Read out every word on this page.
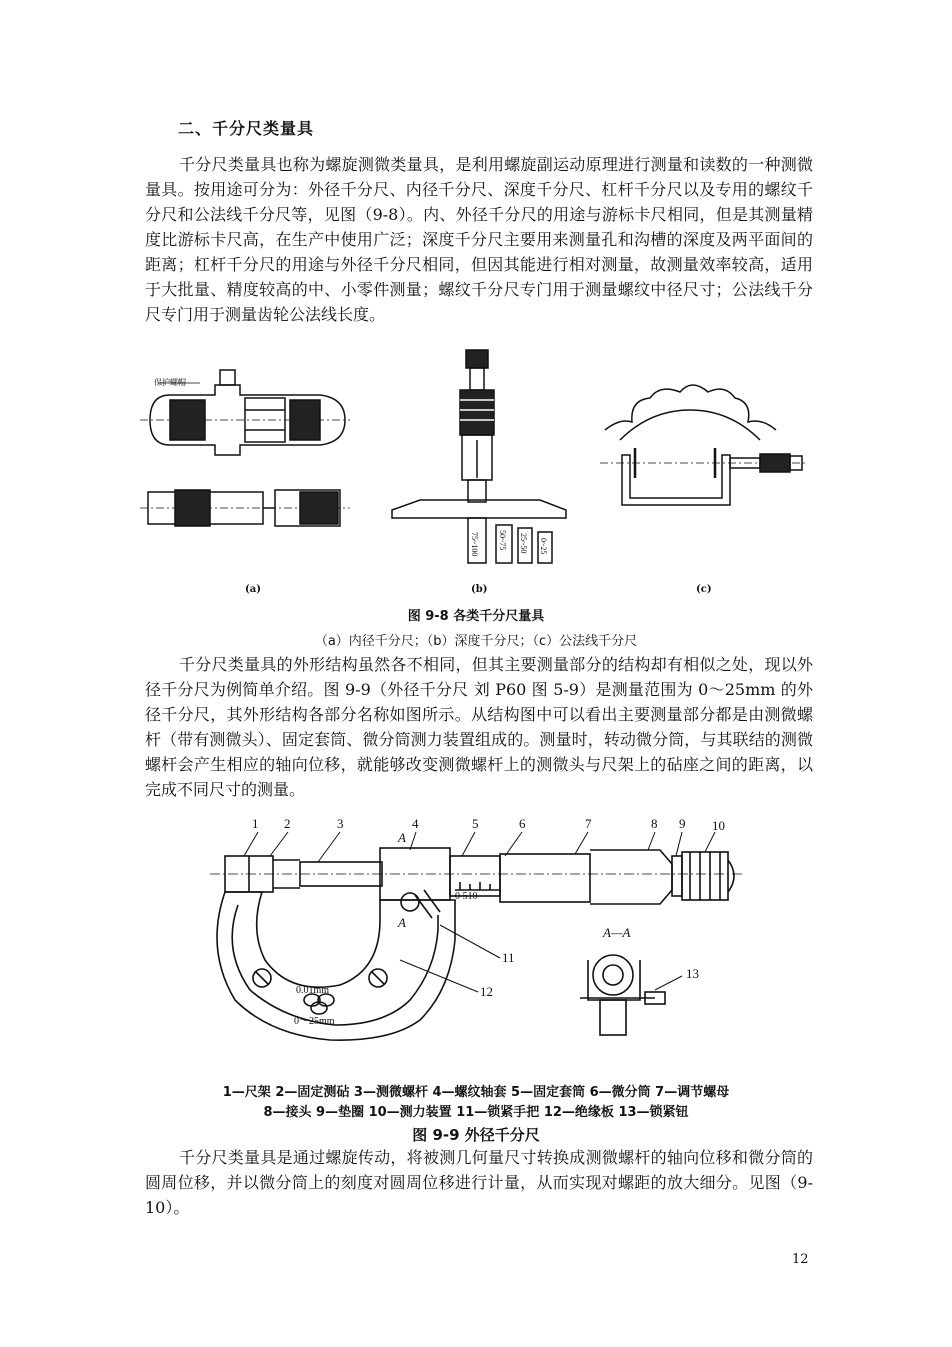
二、千分尺类量具

千分尺类量具也称为螺旋测微类量具，是利用螺旋副运动原理进行测量和读数的一种测微量具。按用途可分为：外径千分尺、内径千分尺、深度千分尺、杠杆千分尺以及专用的螺纹千分尺和公法线千分尺等，见图（9-8）。内、外径千分尺的用途与游标卡尺相同，但是其测量精度比游标卡尺高，在生产中使用广泛；深度千分尺主要用来测量孔和沟槽的深度及两平面间的距离；杠杆千分尺的用途与外径千分尺相同，但因其能进行相对测量，故测量效率较高，适用于大批量、精度较高的中、小零件测量；螺纹千分尺专门用于测量螺纹中径尺寸；公法线千分尺专门用于测量齿轮公法线长度。

保护螺帽
75~100 50~75 25~50 0~25
(a)	(b)	(c)
图 9-8 各类千分尺量具
（a）内径千分尺；（b）深度千分尺；（c）公法线千分尺

千分尺类量具的外形结构虽然各不相同，但其主要测量部分的结构却有相似之处，现以外径千分尺为例简单介绍。图 9-9（外径千分尺 刘 P60 图 5-9）是测量范围为 0～25mm 的外径千分尺，其外形结构各部分名称如图所示。从结构图中可以看出主要测量部分都是由测微螺杆（带有测微头）、固定套筒、微分筒测力装置组成的。测量时，转动微分筒，与其联结的测微螺杆会产生相应的轴向位移，就能够改变测微螺杆上的测微头与尺架上的砧座之间的距离，以完成不同尺寸的测量。

1 2	3	4	5	6	7	8 9 10
11
12
13
A
A
A—A
0 510
0.01mm
0～25mm
1—尺架 2—固定测砧 3—测微螺杆 4—螺纹轴套 5—固定套筒 6—微分筒 7—调节螺母
8—接头 9—垫圈 10—测力装置 11—锁紧手把 12—绝缘板 13—锁紧钮
图 9-9 外径千分尺

千分尺类量具是通过螺旋传动，将被测几何量尺寸转换成测微螺杆的轴向位移和微分筒的圆周位移，并以微分筒上的刻度对圆周位移进行计量，从而实现对螺距的放大细分。见图（9-10）。

12
